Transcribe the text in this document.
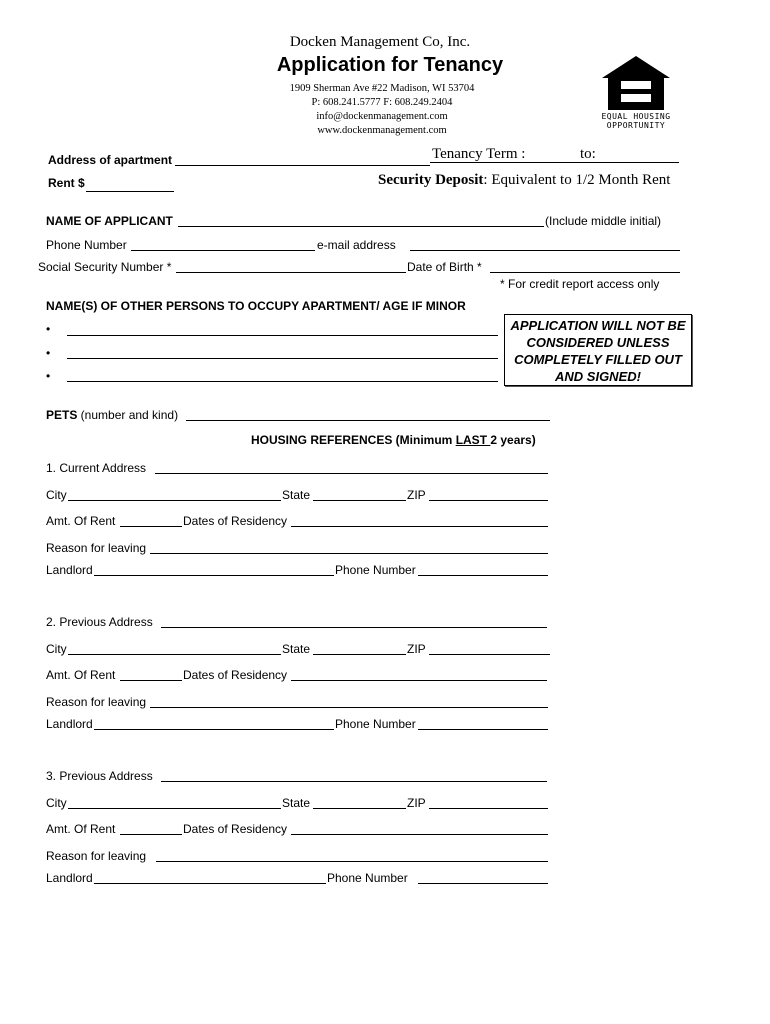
Docken Management Co, Inc.
Application for Tenancy
1909 Sherman Ave #22 Madison, WI 53704
P: 608.241.5777 F: 608.249.2404
info@dockenmanagement.com
www.dockenmanagement.com
EQUAL HOUSING
OPPORTUNITY
Address of apartment	Tenancy Term :	to:
Rent $	Security Deposit: Equivalent to 1/2 Month Rent
NAME OF APPLICANT	(Include middle initial)
Phone Number	e-mail address
Social Security Number *	Date of Birth *
* For credit report access only
NAME(S) OF OTHER PERSONS TO OCCUPY APARTMENT/ AGE IF MINOR
•
•
•
APPLICATION WILL NOT BE
CONSIDERED UNLESS
COMPLETELY FILLED OUT
AND SIGNED!
PETS (number and kind)
HOUSING REFERENCES (Minimum LAST 2 years)
1. Current Address
City	State	ZIP
Amt. Of Rent	Dates of Residency
Reason for leaving
Landlord	Phone Number
2. Previous Address
City	State	ZIP
Amt. Of Rent	Dates of Residency
Reason for leaving
Landlord	Phone Number
3. Previous Address
City	State	ZIP
Amt. Of Rent	Dates of Residency
Reason for leaving
Landlord	Phone Number
